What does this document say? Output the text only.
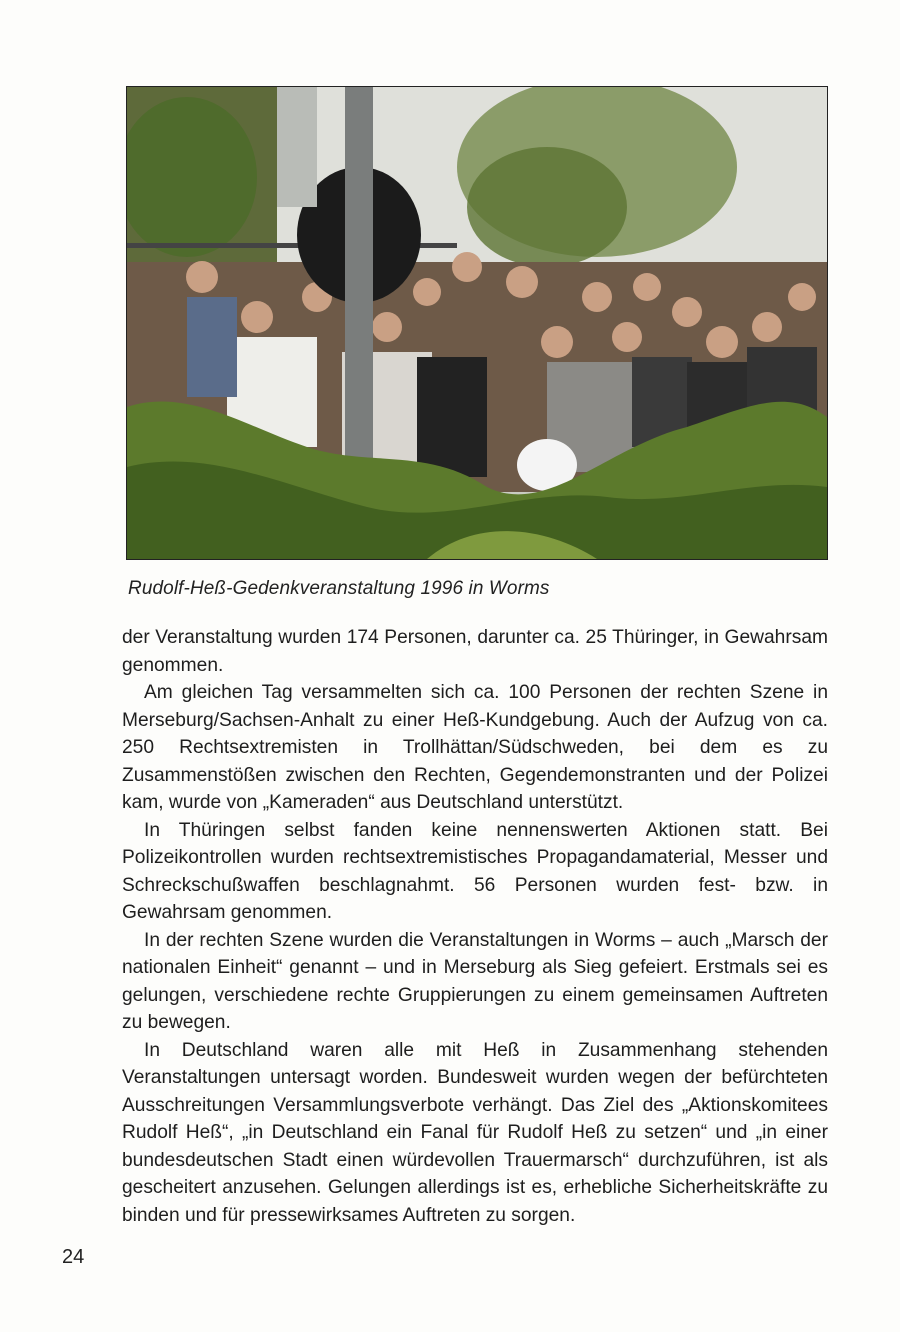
Rudolf-Heß-Gedenkveranstaltung 1996 in Worms

der Veranstaltung wurden 174 Personen, darunter ca. 25 Thüringer, in Gewahrsam genommen.

Am gleichen Tag versammelten sich ca. 100 Personen der rechten Szene in Merseburg/Sachsen-Anhalt zu einer Heß-Kundgebung. Auch der Aufzug von ca. 250 Rechtsextremisten in Trollhättan/Südschweden, bei dem es zu Zusammenstößen zwischen den Rechten, Gegendemonstranten und der Polizei kam, wurde von „Kameraden“ aus Deutschland unterstützt.

In Thüringen selbst fanden keine nennenswerten Aktionen statt. Bei Polizeikontrollen wurden rechtsextremistisches Propagandamaterial, Messer und Schreckschußwaffen beschlagnahmt. 56 Personen wurden fest- bzw. in Gewahrsam genommen.

In der rechten Szene wurden die Veranstaltungen in Worms – auch „Marsch der nationalen Einheit“ genannt – und in Merseburg als Sieg gefeiert. Erstmals sei es gelungen, verschiedene rechte Gruppierungen zu einem gemeinsamen Auftreten zu bewegen.

In Deutschland waren alle mit Heß in Zusammenhang stehenden Veranstaltungen untersagt worden. Bundesweit wurden wegen der befürchteten Ausschreitungen Versammlungsverbote verhängt. Das Ziel des „Aktionskomitees Rudolf Heß“, „in Deutschland ein Fanal für Rudolf Heß zu setzen“ und „in einer bundesdeutschen Stadt einen würdevollen Trauermarsch“ durchzuführen, ist als gescheitert anzusehen. Gelungen allerdings ist es, erhebliche Sicherheitskräfte zu binden und für pressewirksames Auftreten zu sorgen.

24
